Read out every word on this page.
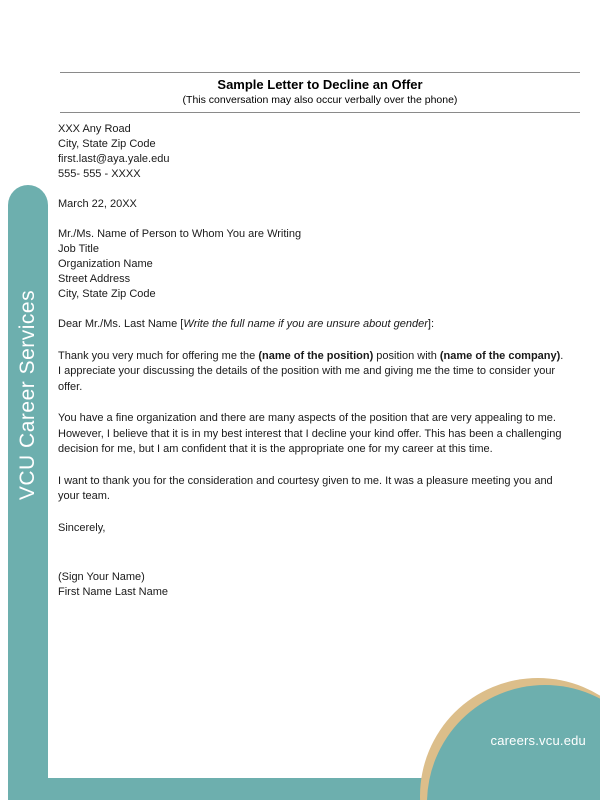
Sample Letter to Decline an Offer

(This conversation may also occur verbally over the phone)

XXX Any Road
City, State Zip Code
first.last@aya.yale.edu
555- 555 - XXXX
March 22, 20XX
Mr./Ms. Name of Person to Whom You are Writing
Job Title
Organization Name
Street Address
City, State Zip Code

Dear Mr./Ms. Last Name [Write the full name if you are unsure about gender]:

Thank you very much for offering me the (name of the position) position with (name of the company). I appreciate your discussing the details of the position with me and giving me the time to consider your offer.

You have a fine organization and there are many aspects of the position that are very appealing to me. However, I believe that it is in my best interest that I decline your kind offer. This has been a challenging decision for me, but I am confident that it is the appropriate one for my career at this time.

I want to thank you for the consideration and courtesy given to me. It was a pleasure meeting you and your team.

Sincerely,

(Sign Your Name)
First Name Last Name
VCU Career Services
careers.vcu.edu
